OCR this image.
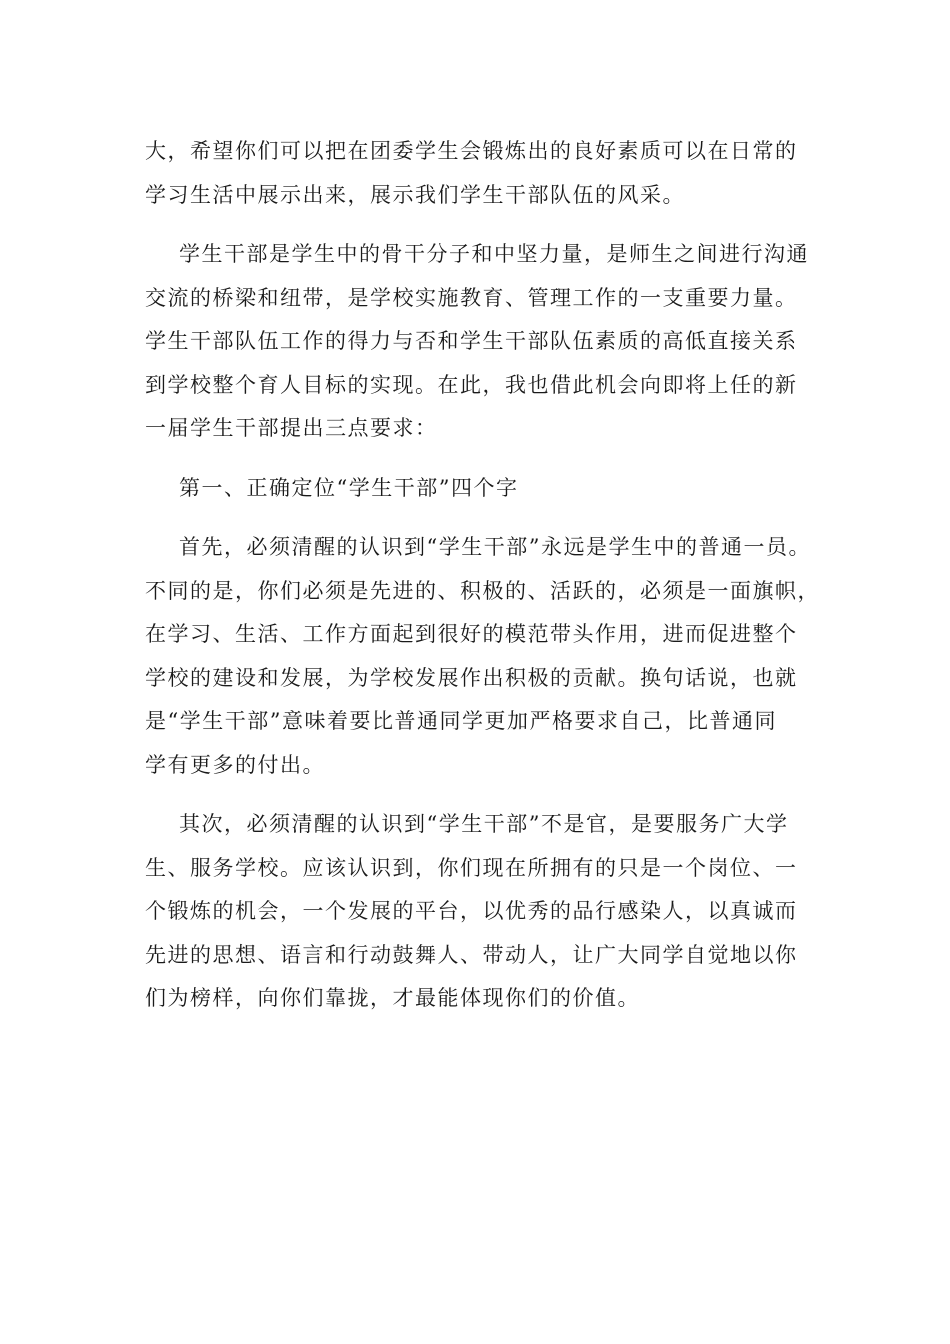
大，希望你们可以把在团委学生会锻炼出的良好素质可以在日常的
学习生活中展示出来，展示我们学生干部队伍的风采。
学生干部是学生中的骨干分子和中坚力量，是师生之间进行沟通
交流的桥梁和纽带，是学校实施教育、管理工作的一支重要力量。
学生干部队伍工作的得力与否和学生干部队伍素质的高低直接关系
到学校整个育人目标的实现。在此，我也借此机会向即将上任的新
一届学生干部提出三点要求：
第一、正确定位“学生干部”四个字
首先，必须清醒的认识到“学生干部”永远是学生中的普通一员。
不同的是，你们必须是先进的、积极的、活跃的，必须是一面旗帜，
在学习、生活、工作方面起到很好的模范带头作用，进而促进整个
学校的建设和发展，为学校发展作出积极的贡献。换句话说，也就
是“学生干部”意味着要比普通同学更加严格要求自己，比普通同
学有更多的付出。
其次，必须清醒的认识到“学生干部”不是官，是要服务广大学
生、服务学校。应该认识到，你们现在所拥有的只是一个岗位、一
个锻炼的机会，一个发展的平台，以优秀的品行感染人，以真诚而
先进的思想、语言和行动鼓舞人、带动人，让广大同学自觉地以你
们为榜样，向你们靠拢，才最能体现你们的价值。
